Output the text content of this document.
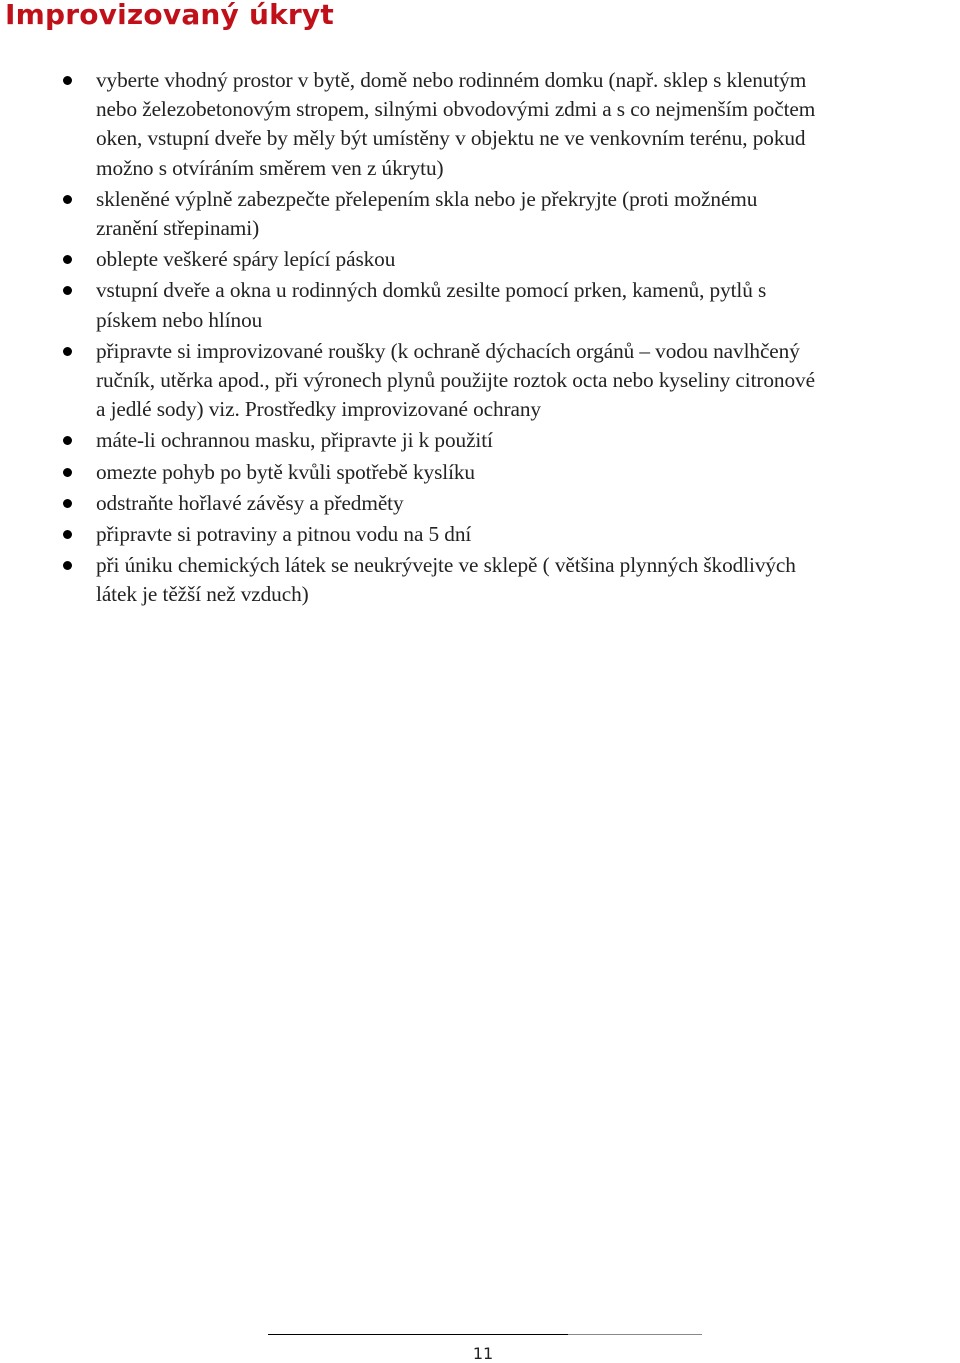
Improvizovaný úkryt
vyberte vhodný prostor v bytě, domě nebo rodinném domku (např. sklep s klenutým
nebo železobetonovým stropem, silnými obvodovými zdmi a s co nejmenším počtem
oken, vstupní dveře by měly být umístěny v objektu ne ve venkovním terénu, pokud
možno s otvíráním směrem ven z úkrytu)
skleněné výplně zabezpečte přelepením skla nebo je překryjte (proti možnému
zranění střepinami)
oblepte veškeré spáry lepící páskou
vstupní dveře a okna u rodinných domků zesilte pomocí prken, kamenů, pytlů s
pískem nebo hlínou
připravte si improvizované roušky (k ochraně dýchacích orgánů – vodou navlhčený
ručník, utěrka apod., při výronech plynů použijte roztok octa nebo kyseliny citronové
a jedlé sody) viz. Prostředky improvizované ochrany
máte-li ochrannou masku, připravte ji k použití
omezte pohyb po bytě kvůli spotřebě kyslíku
odstraňte hořlavé závěsy a předměty
připravte si potraviny a pitnou vodu na 5 dní
při úniku chemických látek se neukrývejte ve sklepě ( většina plynných škodlivých
látek je těžší než vzduch)
11
